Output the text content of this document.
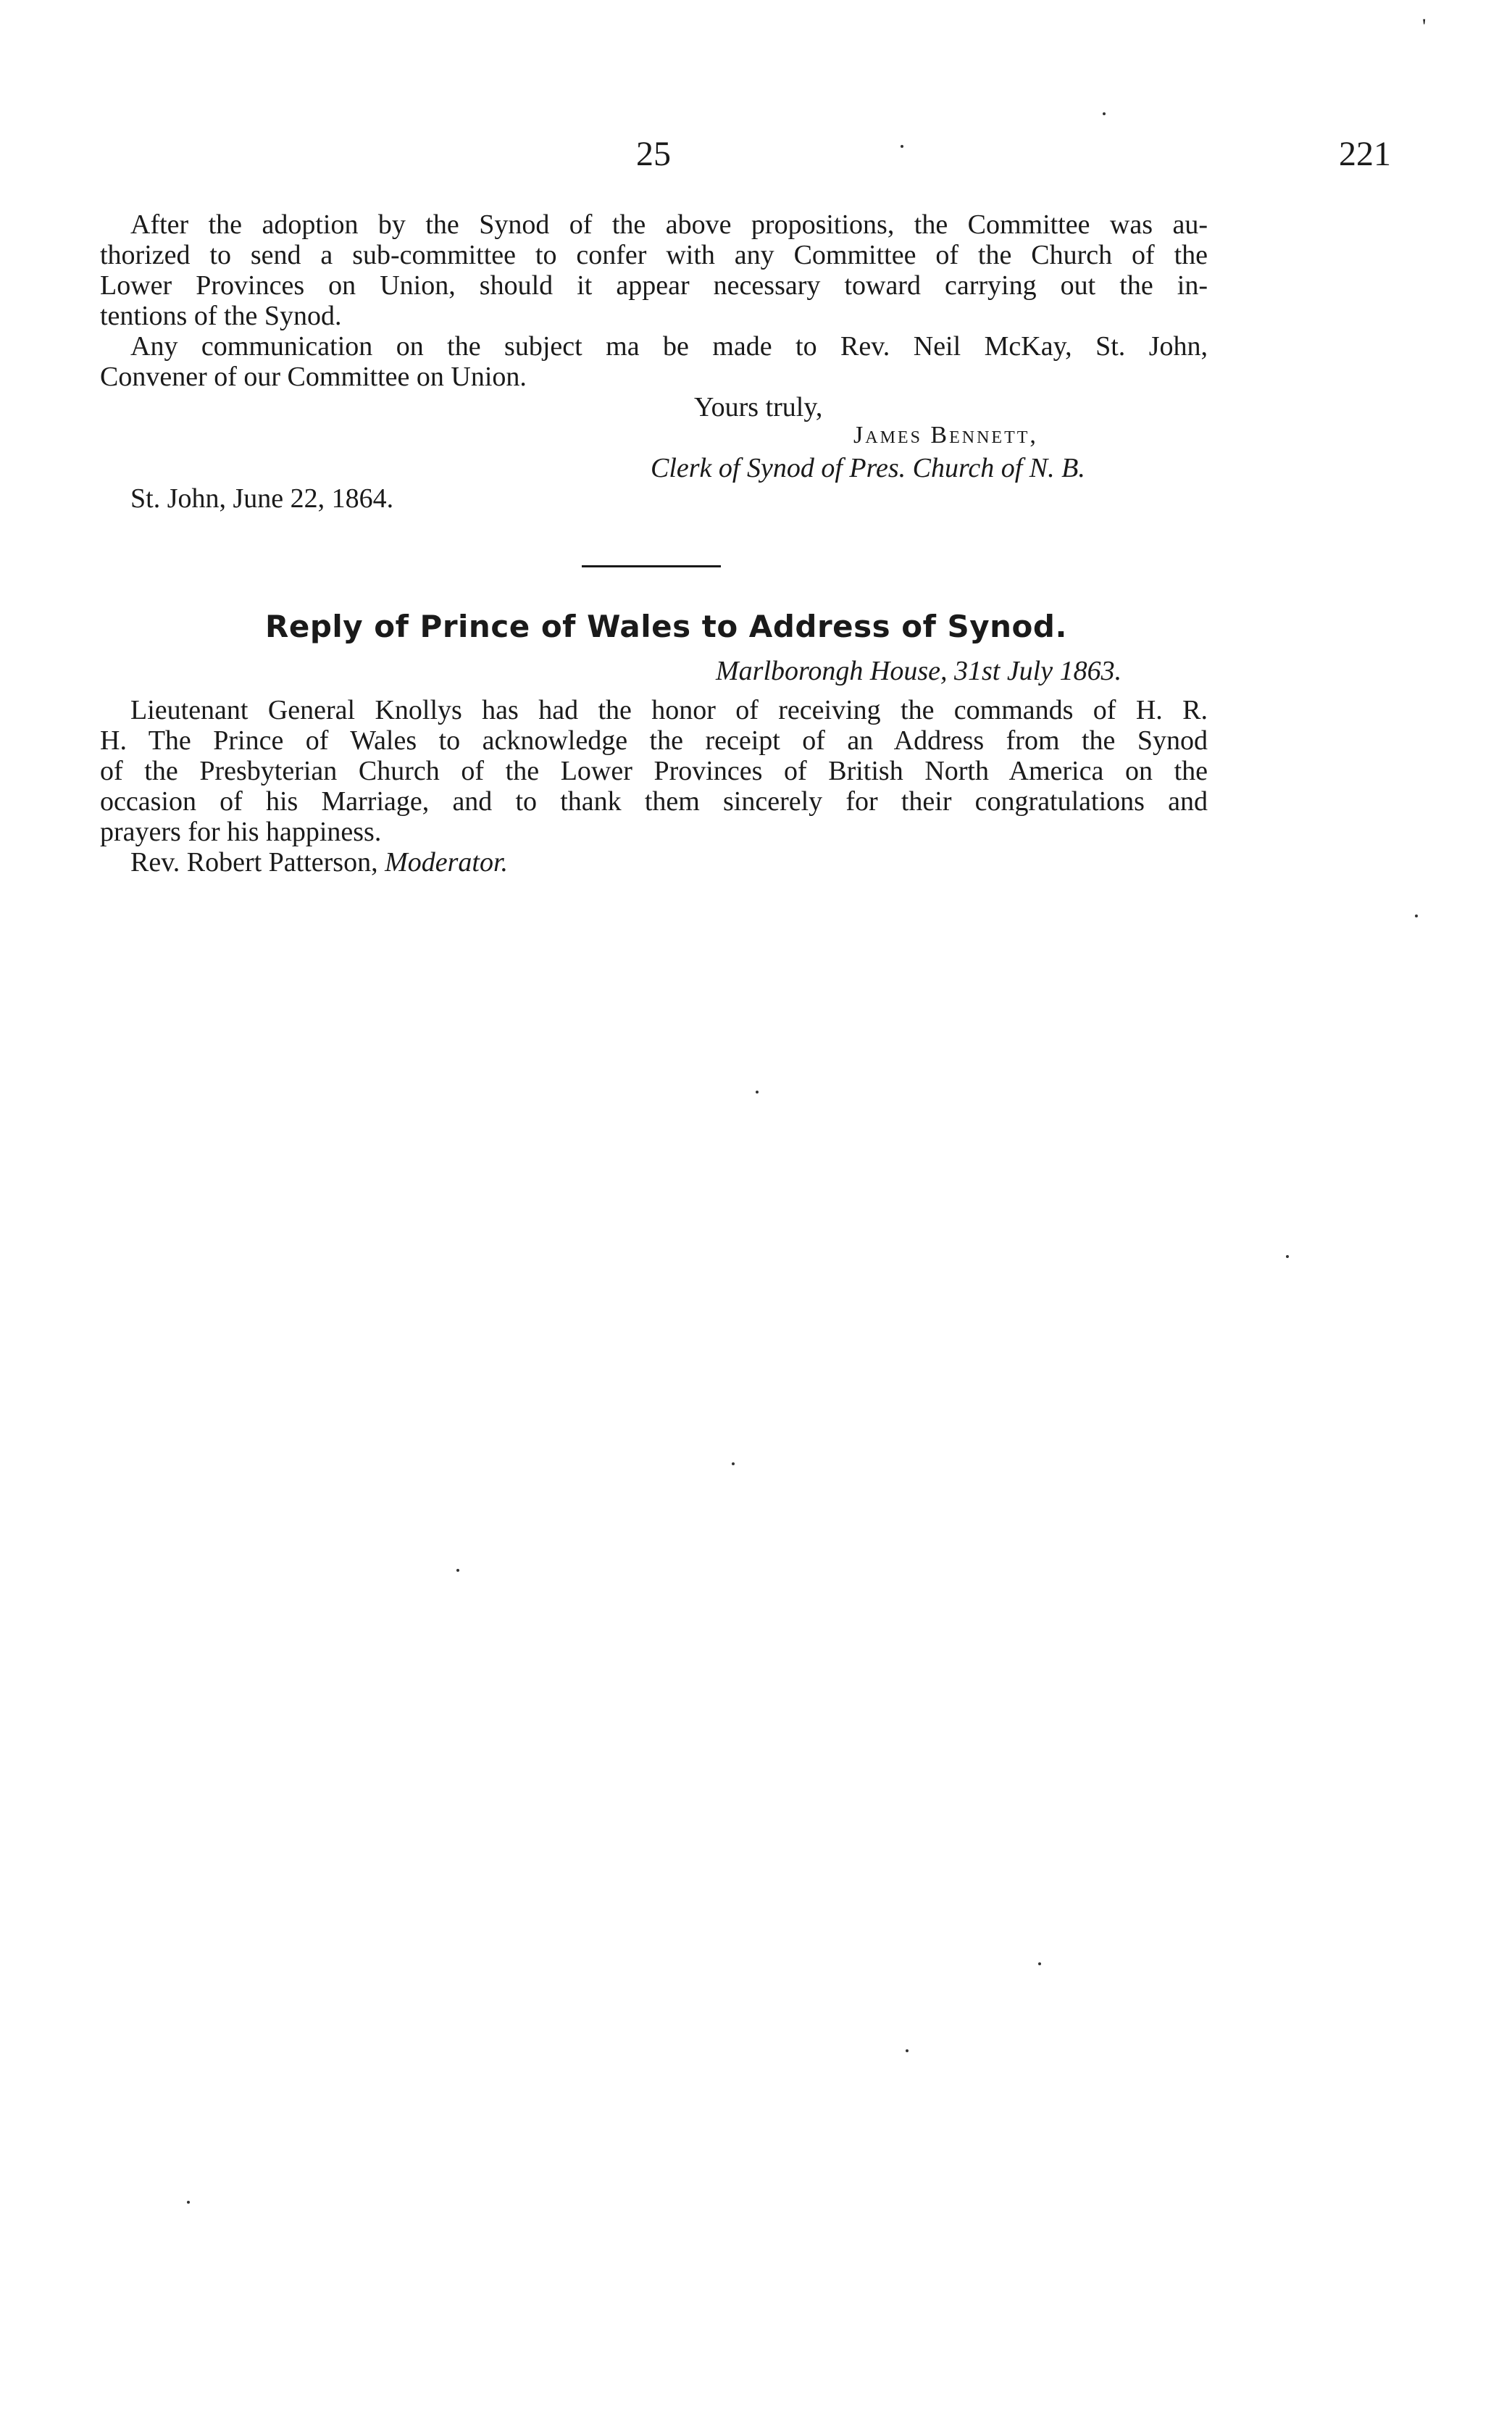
'
25	221
After the adoption by the Synod of the above propositions, the Committee was au-
thorized to send a sub-committee to confer with any Committee of the Church of the
Lower Provinces on Union, should it appear necessary toward carrying out the in-
tentions of the Synod.
Any communication on the subject ma be made to Rev. Neil McKay, St. John,
Convener of our Committee on Union.
Yours truly,
James Bennett,
Clerk of Synod of Pres. Church of N. B.
St. John, June 22, 1864.
Reply of Prince of Wales to Address of Synod.
Marlborongh House, 31st July 1863.
Lieutenant General Knollys has had the honor of receiving the commands of H. R.
H. The Prince of Wales to acknowledge the receipt of an Address from the Synod
of the Presbyterian Church of the Lower Provinces of British North America on the
occasion of his Marriage, and to thank them sincerely for their congratulations and
prayers for his happiness.
Rev. Robert Patterson, Moderator.
